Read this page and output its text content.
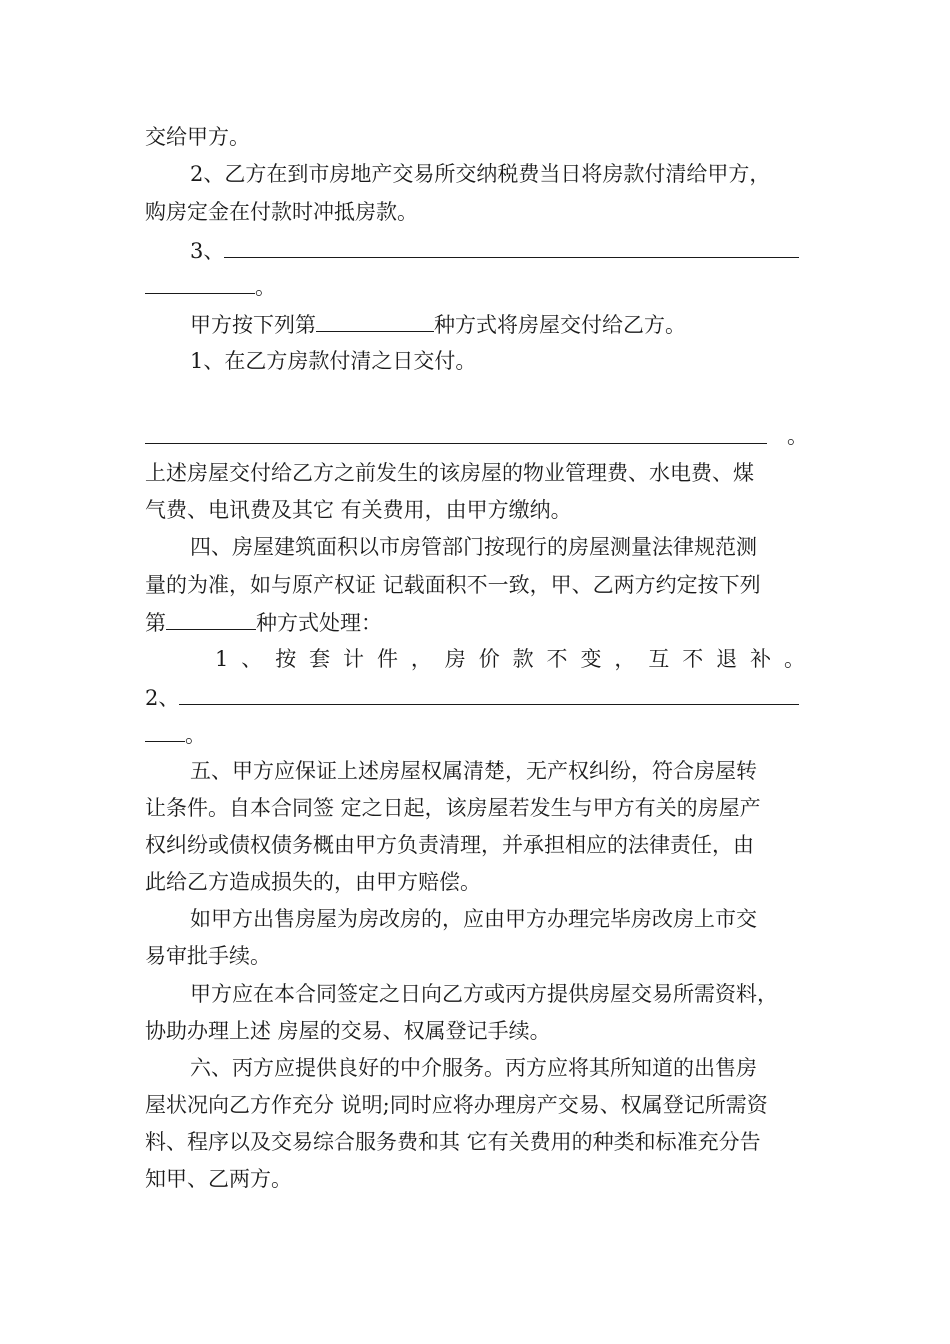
交给甲方。
2、乙方在到市房地产交易所交纳税费当日将房款付清给甲方，
购房定金在付款时冲抵房款。
3、
。
甲方按下列第	种方式将房屋交付给乙方。
1、在乙方房款付清之日交付。
。
上述房屋交付给乙方之前发生的该房屋的物业管理费、水电费、煤
气费、电讯费及其它 有关费用，由甲方缴纳。
四、房屋建筑面积以市房管部门按现行的房屋测量法律规范测
量的为准，如与原产权证 记载面积不一致，甲、乙两方约定按下列
第	种方式处理：
1、按套计件，房价款不变，互不退补。
2、
。
五、甲方应保证上述房屋权属清楚，无产权纠纷，符合房屋转
让条件。自本合同签 定之日起，该房屋若发生与甲方有关的房屋产
权纠纷或债权债务概由甲方负责清理，并承担相应的法律责任，由
此给乙方造成损失的，由甲方赔偿。
如甲方出售房屋为房改房的，应由甲方办理完毕房改房上市交
易审批手续。
甲方应在本合同签定之日向乙方或丙方提供房屋交易所需资料，
协助办理上述 房屋的交易、权属登记手续。
六、丙方应提供良好的中介服务。丙方应将其所知道的出售房
屋状况向乙方作充分 说明;同时应将办理房产交易、权属登记所需资
料、程序以及交易综合服务费和其 它有关费用的种类和标准充分告
知甲、乙两方。
